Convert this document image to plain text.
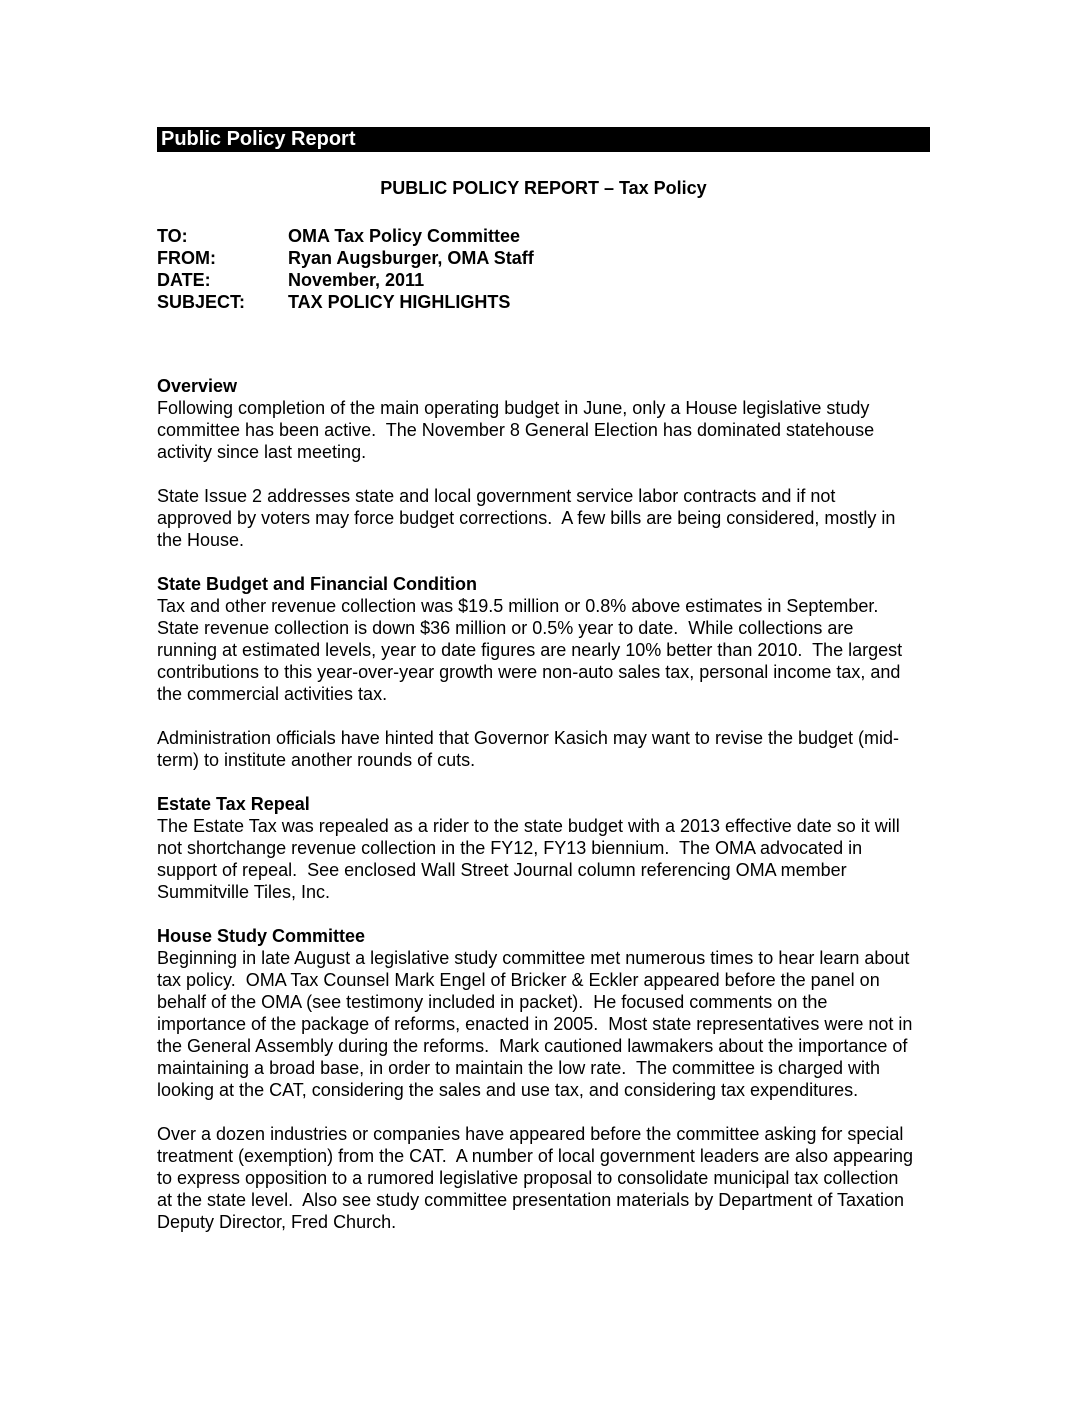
Public Policy Report
PUBLIC POLICY REPORT – Tax Policy
TO:	OMA Tax Policy Committee
FROM:	Ryan Augsburger, OMA Staff
DATE:	November, 2011
SUBJECT:	TAX POLICY HIGHLIGHTS
Overview

Following completion of the main operating budget in June, only a House legislative study committee has been active.  The November 8 General Election has dominated statehouse activity since last meeting.

State Issue 2 addresses state and local government service labor contracts and if not approved by voters may force budget corrections.  A few bills are being considered, mostly in the House.

State Budget and Financial Condition

Tax and other revenue collection was $19.5 million or 0.8% above estimates in September.  State revenue collection is down $36 million or 0.5% year to date.  While collections are running at estimated levels, year to date figures are nearly 10% better than 2010.  The largest contributions to this year-over-year growth were non-auto sales tax, personal income tax, and the commercial activities tax.

Administration officials have hinted that Governor Kasich may want to revise the budget (mid-term) to institute another rounds of cuts.

Estate Tax Repeal

The Estate Tax was repealed as a rider to the state budget with a 2013 effective date so it will not shortchange revenue collection in the FY12, FY13 biennium.  The OMA advocated in support of repeal.  See enclosed Wall Street Journal column referencing OMA member Summitville Tiles, Inc.

House Study Committee

Beginning in late August a legislative study committee met numerous times to hear learn about tax policy.  OMA Tax Counsel Mark Engel of Bricker & Eckler appeared before the panel on behalf of the OMA (see testimony included in packet).  He focused comments on the importance of the package of reforms, enacted in 2005.  Most state representatives were not in the General Assembly during the reforms.  Mark cautioned lawmakers about the importance of maintaining a broad base, in order to maintain the low rate.  The committee is charged with looking at the CAT, considering the sales and use tax, and considering tax expenditures.

Over a dozen industries or companies have appeared before the committee asking for special treatment (exemption) from the CAT.  A number of local government leaders are also appearing to express opposition to a rumored legislative proposal to consolidate municipal tax collection at the state level.  Also see study committee presentation materials by Department of Taxation Deputy Director, Fred Church.
